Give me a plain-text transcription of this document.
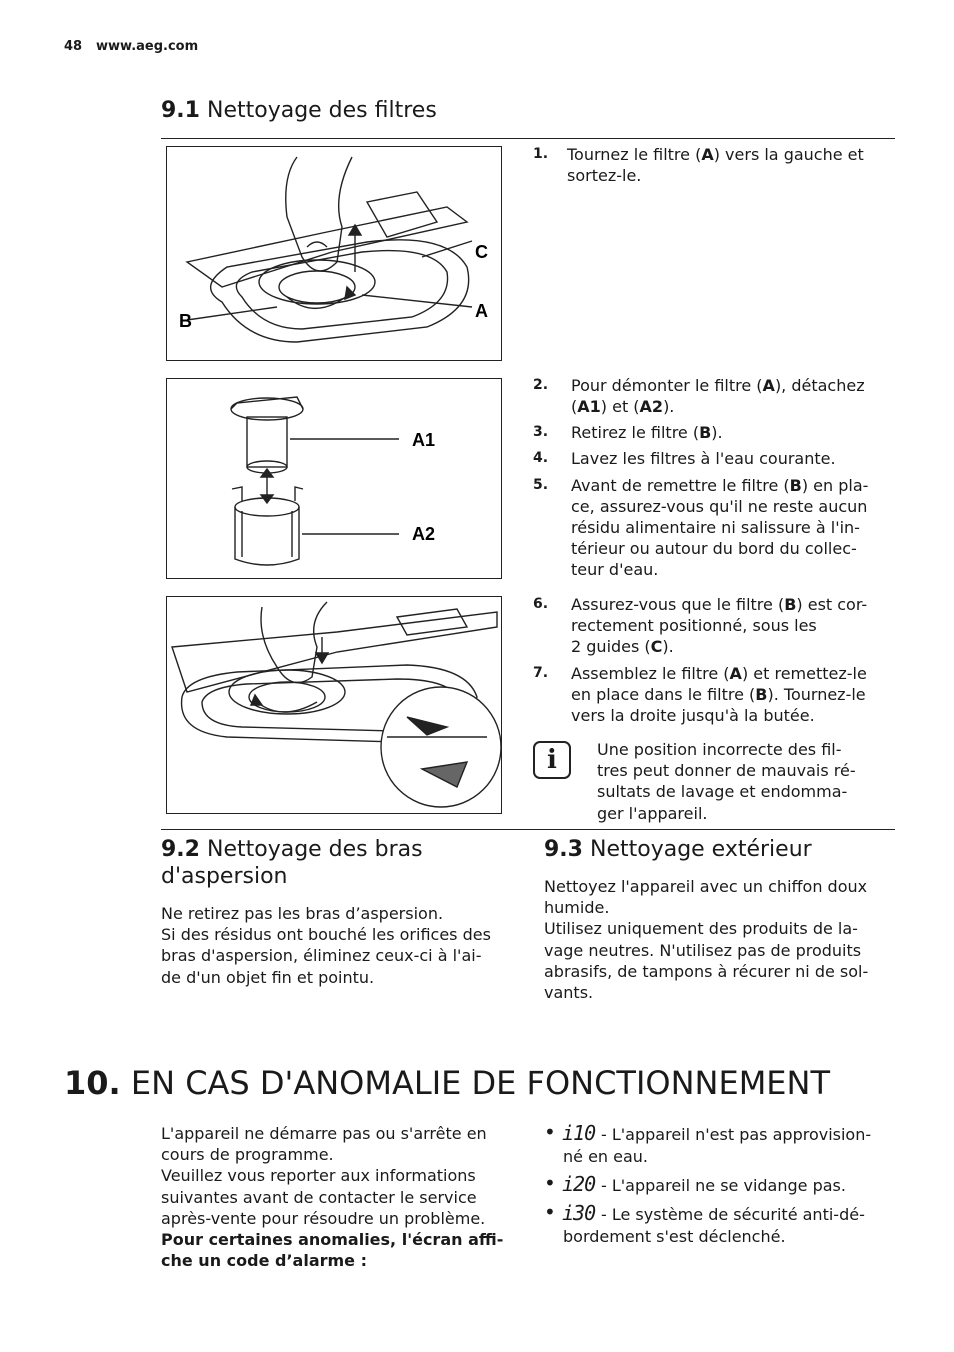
48 www.aeg.com
9.1 Nettoyage des filtres
C
A
B
A1
A2
1. Tournez le filtre (A) vers la gauche et
sortez-le.
2. Pour démonter le filtre (A), détachez
(A1) et (A2).
3. Retirez le filtre (B).
4. Lavez les filtres à l'eau courante.
5. Avant de remettre le filtre (B) en pla-
ce, assurez-vous qu'il ne reste aucun
résidu alimentaire ni salissure à l'in-
térieur ou autour du bord du collec-
teur d'eau.
6. Assurez-vous que le filtre (B) est cor-
rectement positionné, sous les
2 guides (C).
7. Assemblez le filtre (A) et remettez-le
en place dans le filtre (B). Tournez-le
vers la droite jusqu'à la butée.
i	Une position incorrecte des fil-
tres peut donner de mauvais ré-
sultats de lavage et endomma-
ger l'appareil.
9.2 Nettoyage des bras
d'aspersion
Ne retirez pas les bras d’aspersion.
Si des résidus ont bouché les orifices des
bras d'aspersion, éliminez ceux-ci à l'ai-
de d'un objet fin et pointu.
9.3 Nettoyage extérieur
Nettoyez l'appareil avec un chiffon doux
humide.
Utilisez uniquement des produits de la-
vage neutres. N'utilisez pas de produits
abrasifs, de tampons à récurer ni de sol-
vants.
10. EN CAS D'ANOMALIE DE FONCTIONNEMENT
L'appareil ne démarre pas ou s'arrête en
cours de programme.
Veuillez vous reporter aux informations
suivantes avant de contacter le service
après-vente pour résoudre un problème.
Pour certaines anomalies, l'écran affi-
che un code d’alarme :
• i10 - L'appareil n'est pas approvision-
né en eau.
• i20 - L'appareil ne se vidange pas.
• i30 - Le système de sécurité anti-dé-
bordement s'est déclenché.
